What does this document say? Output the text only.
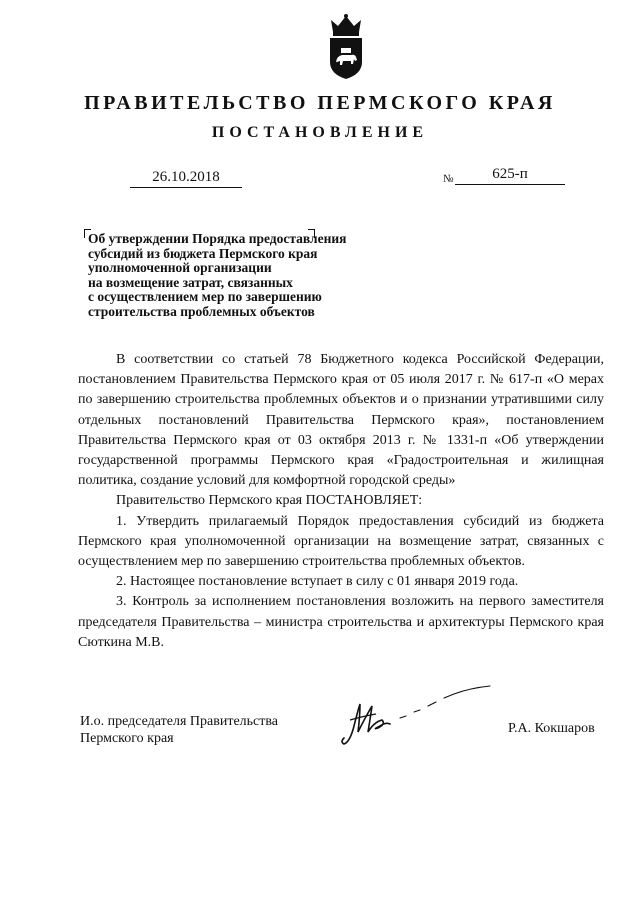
ПРАВИТЕЛЬСТВО ПЕРМСКОГО КРАЯ
ПОСТАНОВЛЕНИЕ
26.10.2018	№	625-п
Об утверждении Порядка предоставления
субсидий из бюджета Пермского края
уполномоченной организации
на возмещение затрат, связанных
с осуществлением мер по завершению
строительства проблемных объектов

В соответствии со статьей 78 Бюджетного кодекса Российской Федерации, постановлением Правительства Пермского края от 05 июля 2017 г. № 617-п «О мерах по завершению строительства проблемных объектов и о признании утратившими силу отдельных постановлений Правительства Пермского края», постановлением Правительства Пермского края от 03 октября 2013 г. № 1331-п «Об утверждении государственной программы Пермского края «Градостроительная и жилищная политика, создание условий для комфортной городской среды»

Правительство Пермского края ПОСТАНОВЛЯЕТ:

1. Утвердить прилагаемый Порядок предоставления субсидий из бюджета Пермского края уполномоченной организации на возмещение затрат, связанных с осуществлением мер по завершению строительства проблемных объектов.

2. Настоящее постановление вступает в силу с 01 января 2019 года.

3. Контроль за исполнением постановления возложить на первого заместителя председателя Правительства – министра строительства и архитектуры Пермского края Сюткина М.В.

И.о. председателя Правительства
Пермского края
Р.А. Кокшаров
